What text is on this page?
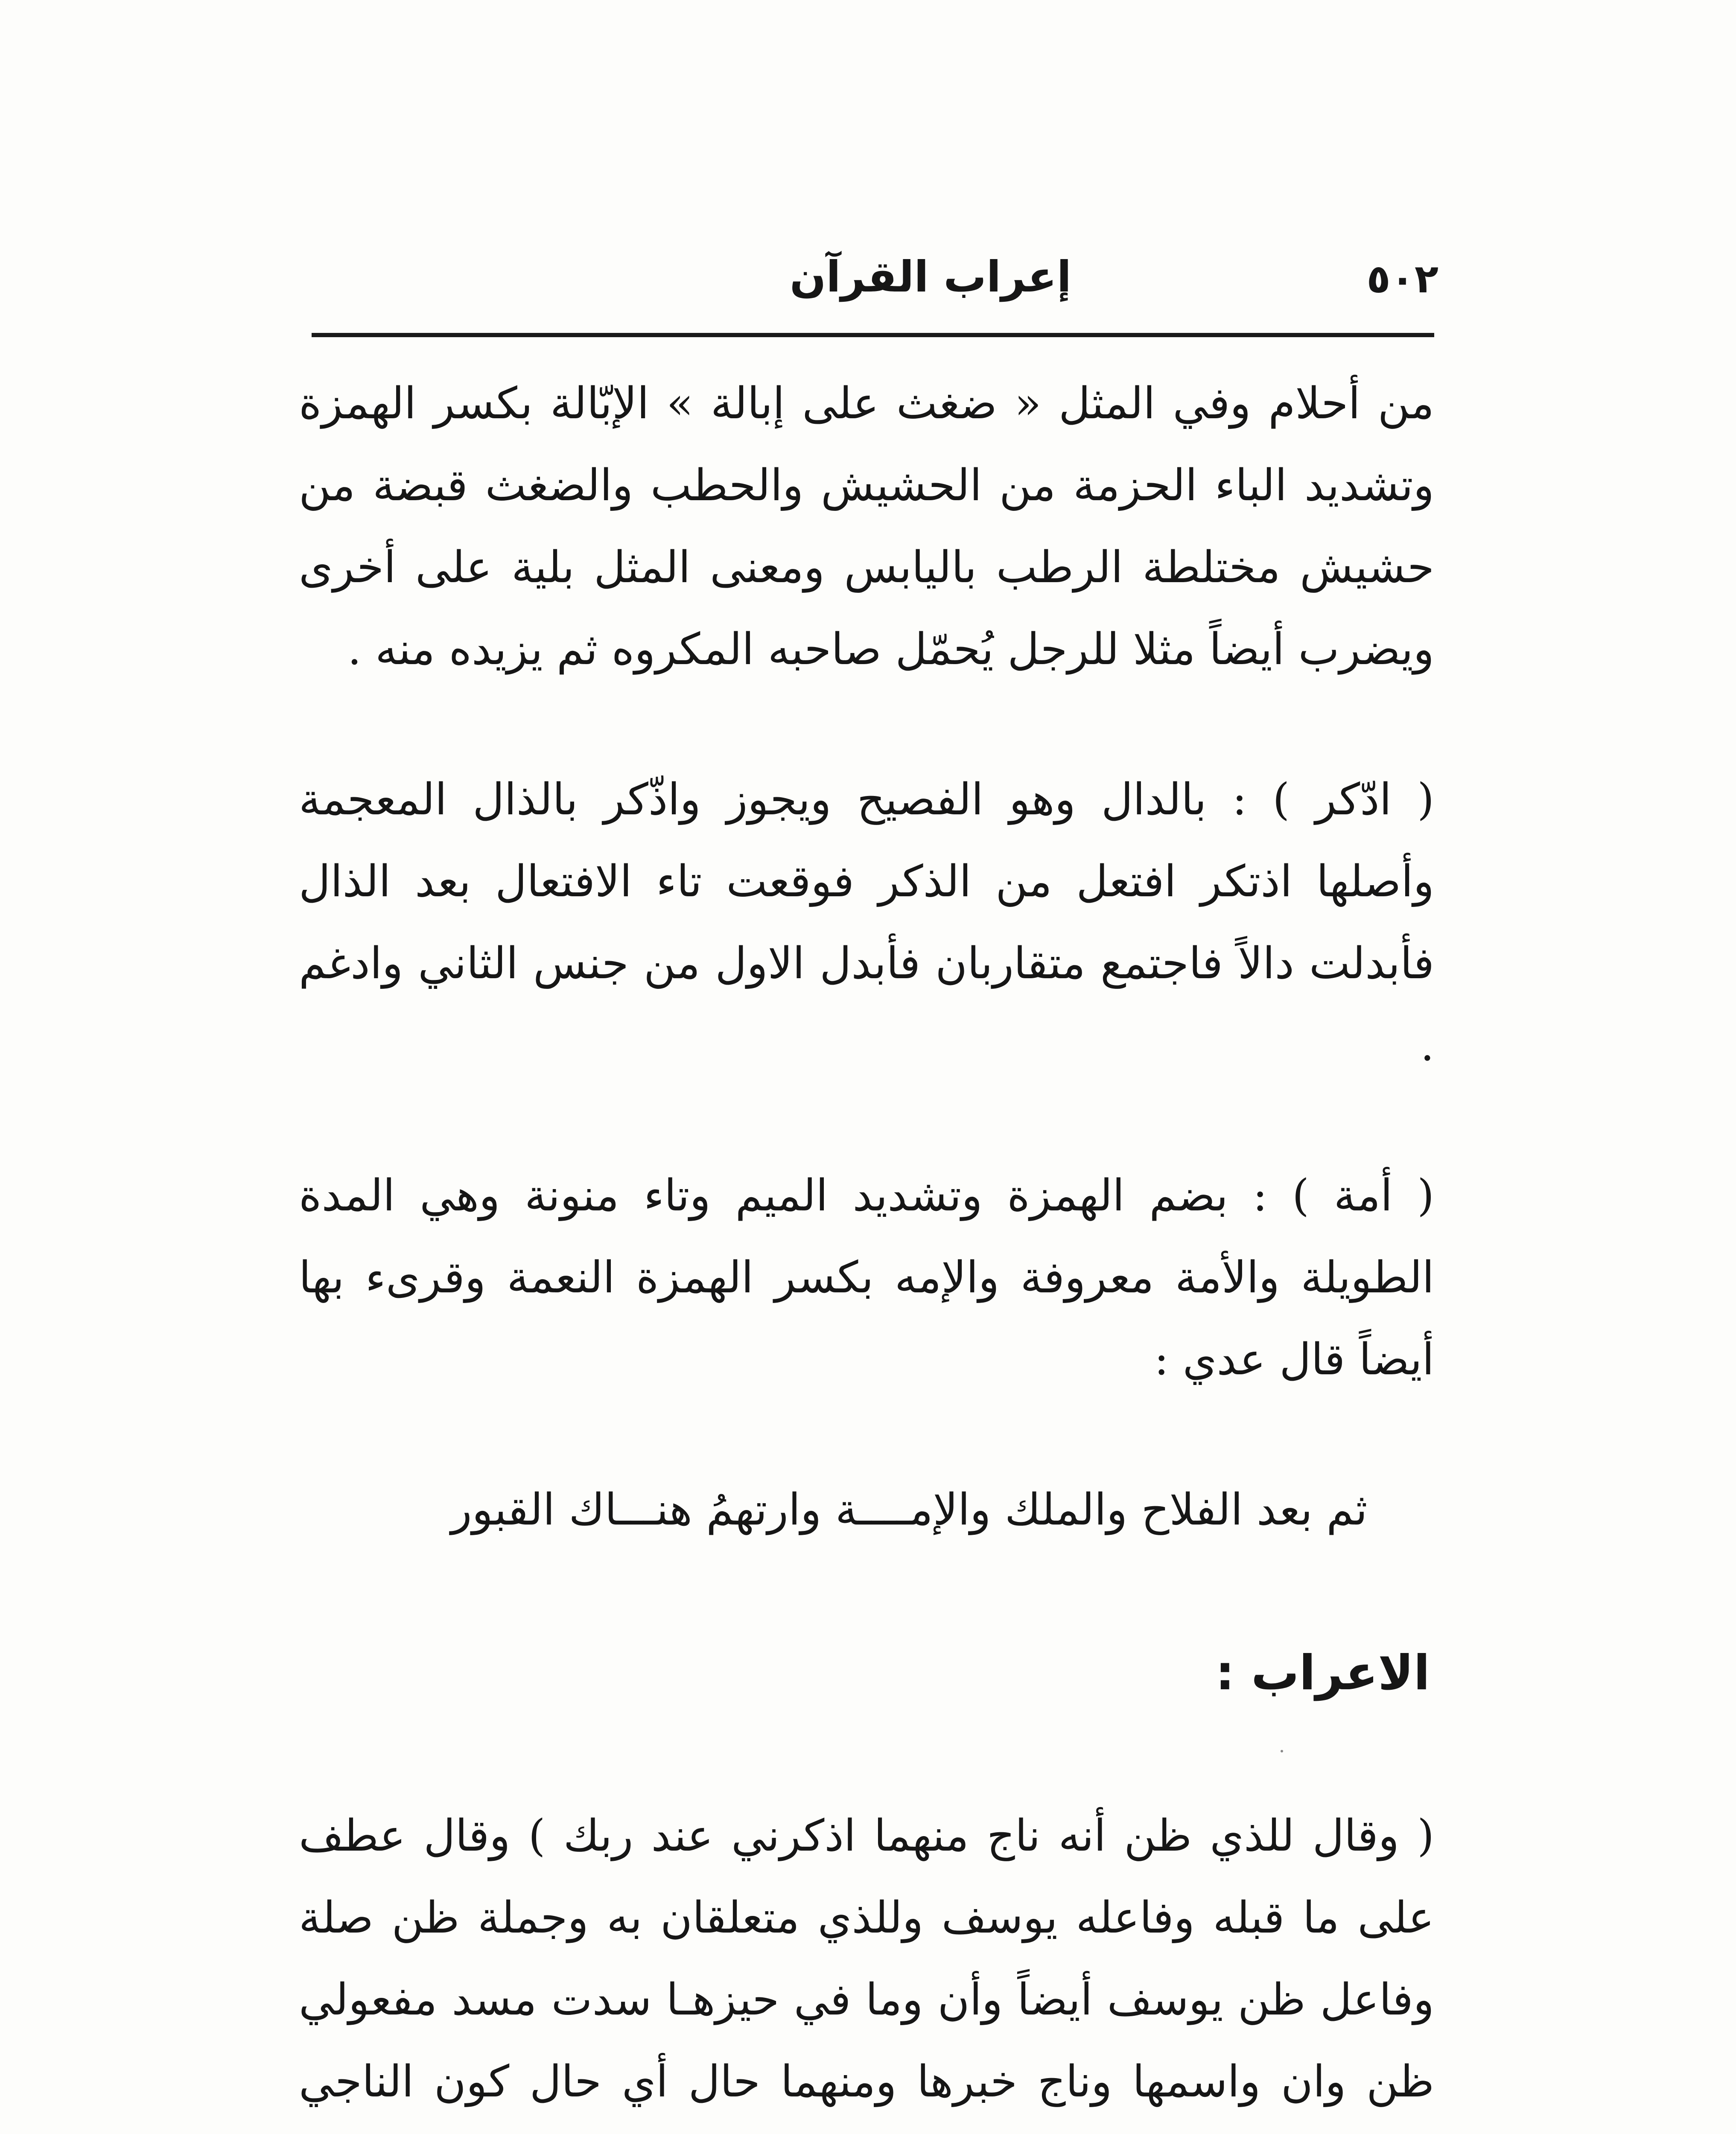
٥٠٢
إعراب القرآن

من أحلام وفي المثل « ضغث على إبالة » الإبّالة بكسر الهمزة وتشديد الباء الحزمة من الحشيش والحطب والضغث قبضة من حشيش مختلطة الرطب باليابس ومعنى المثل بلية على أخرى ويضرب أيضاً مثلا للرجل يُحمّل صاحبه المكروه ثم يزيده منه .

( ادّكر ) : بالدال وهو الفصيح ويجوز واذّكر بالذال المعجمة وأصلها اذتكر افتعل من الذكر فوقعت تاء الافتعال بعد الذال فأبدلت دالاً فاجتمع متقاربان فأبدل الاول من جنس الثاني وادغم .

( أمة ) : بضم الهمزة وتشديد الميم وتاء منونة وهي المدة الطويلة والأمة معروفة والإمه بكسر الهمزة النعمة وقرىء بها أيضاً قال عدي :

ثم بعد الفلاح والملك والإمــــة وارتهمُ هنـــاك القبور

الاعراب :

( وقال للذي ظن أنه ناج منهما اذكرني عند ربك ) وقال عطف على ما قبله وفاعله يوسف وللذي متعلقان به وجملة ظن صلة وفاعل ظن يوسف أيضاً وأن وما في حيزهـا سدت مسد مفعولي ظن وان واسمها وناج خبرها ومنهما حال أي حال كون الناجي
